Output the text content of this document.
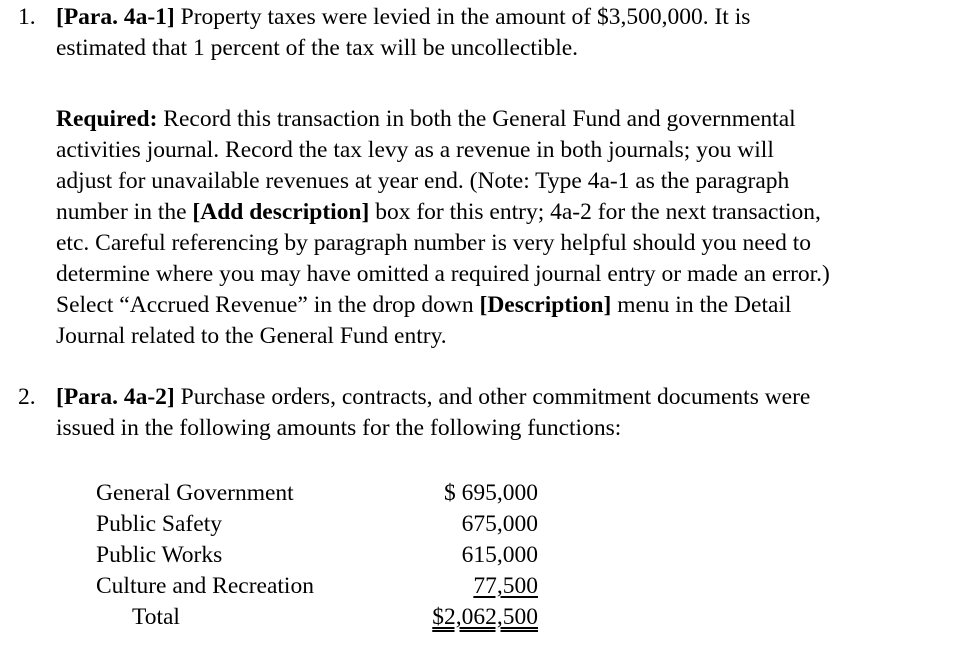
1. [Para. 4a-1] Property taxes were levied in the amount of $3,500,000. It is
estimated that 1 percent of the tax will be uncollectible.
Required: Record this transaction in both the General Fund and governmental
activities journal. Record the tax levy as a revenue in both journals; you will
adjust for unavailable revenues at year end. (Note: Type 4a-1 as the paragraph
number in the [Add description] box for this entry; 4a-2 for the next transaction,
etc. Careful referencing by paragraph number is very helpful should you need to
determine where you may have omitted a required journal entry or made an error.)
Select “Accrued Revenue” in the drop down [Description] menu in the Detail
Journal related to the General Fund entry.
2. [Para. 4a-2] Purchase orders, contracts, and other commitment documents were
issued in the following amounts for the following functions:
General Government	$ 695,000
Public Safety	675,000
Public Works	615,000
Culture and Recreation	77,500
Total	$2,062,500
